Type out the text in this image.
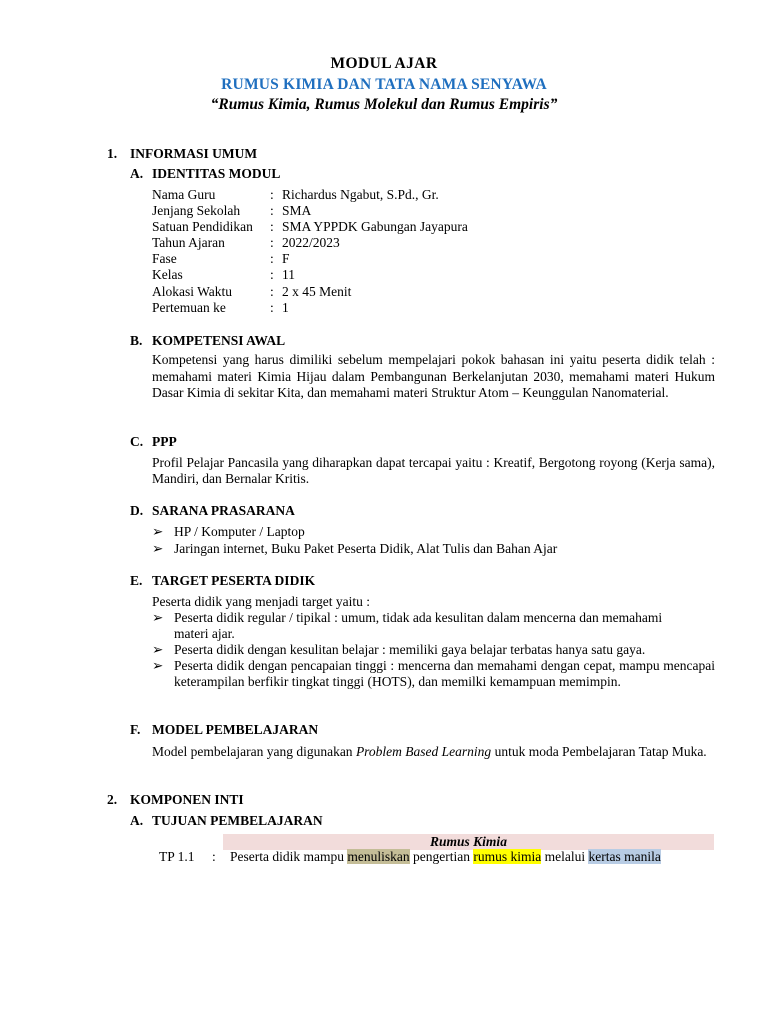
MODUL AJAR
RUMUS KIMIA DAN TATA NAMA SENYAWA
“Rumus Kimia, Rumus Molekul dan Rumus Empiris”
1. INFORMASI UMUM
A. IDENTITAS MODUL
Nama Guru	: Richardus Ngabut, S.Pd., Gr.
Jenjang Sekolah : SMA
Satuan Pendidikan : SMA YPPDK Gabungan Jayapura
Tahun Ajaran	: 2022/2023
Fase	: F
Kelas	: 11
Alokasi Waktu	: 2 x 45 Menit
Pertemuan ke	: 1
B. KOMPETENSI AWAL
Kompetensi yang harus dimiliki sebelum mempelajari pokok bahasan ini yaitu peserta didik telah : memahami materi Kimia Hijau dalam Pembangunan Berkelanjutan 2030, memahami materi Hukum Dasar Kimia di sekitar Kita, dan memahami materi Struktur Atom – Keunggulan Nanomaterial.
C. PPP
Profil Pelajar Pancasila yang diharapkan dapat tercapai yaitu : Kreatif, Bergotong royong (Kerja sama), Mandiri, dan Bernalar Kritis.
D. SARANA PRASARANA
➢ HP / Komputer / Laptop
➢ Jaringan internet, Buku Paket Peserta Didik, Alat Tulis dan Bahan Ajar
E. TARGET PESERTA DIDIK
Peserta didik yang menjadi target yaitu :
➢ Peserta didik regular / tipikal : umum, tidak ada kesulitan dalam mencerna dan memahami materi ajar.
➢ Peserta didik dengan kesulitan belajar : memiliki gaya belajar terbatas hanya satu gaya.
➢ Peserta didik dengan pencapaian tinggi : mencerna dan memahami dengan cepat, mampu mencapai keterampilan berfikir tingkat tinggi (HOTS), dan memilki kemampuan memimpin.
F. MODEL PEMBELAJARAN
Model pembelajaran yang digunakan Problem Based Learning untuk moda Pembelajaran Tatap Muka.
2. KOMPONEN INTI
A. TUJUAN PEMBELAJARAN
Rumus Kimia
TP 1.1 : Peserta didik mampu menuliskan pengertian rumus kimia melalui kertas manila
